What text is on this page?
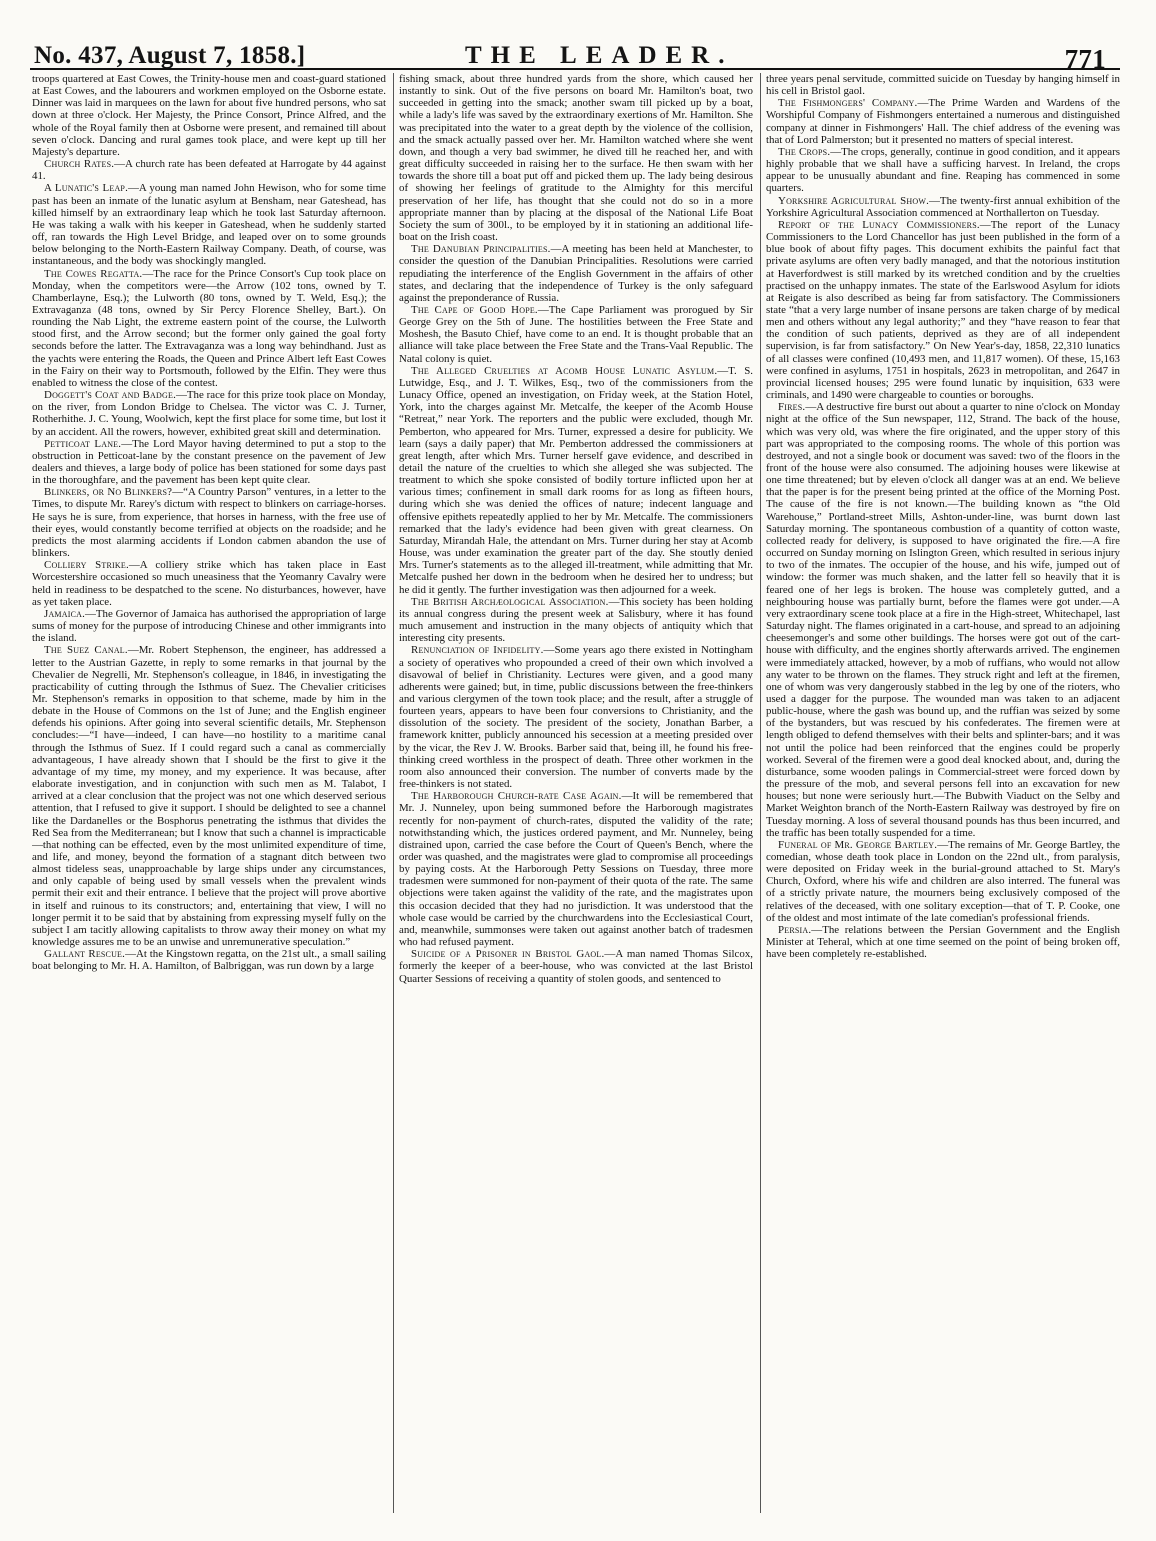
No. 437, August 7, 1858.]	THE LEADER.	771

troops quartered at East Cowes, the Trinity-house men and coast-guard stationed at East Cowes, and the labourers and workmen employed on the Osborne estate. Dinner was laid in marquees on the lawn for about five hundred persons, who sat down at three o'clock. Her Majesty, the Prince Consort, Prince Alfred, and the whole of the Royal family then at Osborne were present, and remained till about seven o'clock. Dancing and rural games took place, and were kept up till her Majesty's departure.

Church Rates.—A church rate has been defeated at Harrogate by 44 against 41.

A Lunatic's Leap.—A young man named John Hewison, who for some time past has been an inmate of the lunatic asylum at Bensham, near Gateshead, has killed himself by an extraordinary leap which he took last Saturday afternoon. He was taking a walk with his keeper in Gateshead, when he suddenly started off, ran towards the High Level Bridge, and leaped over on to some grounds below belonging to the North-Eastern Railway Company. Death, of course, was instantaneous, and the body was shockingly mangled.

The Cowes Regatta.—The race for the Prince Consort's Cup took place on Monday, when the competitors were—the Arrow (102 tons, owned by T. Chamberlayne, Esq.); the Lulworth (80 tons, owned by T. Weld, Esq.); the Extravaganza (48 tons, owned by Sir Percy Florence Shelley, Bart.). On rounding the Nab Light, the extreme eastern point of the course, the Lulworth stood first, and the Arrow second; but the former only gained the goal forty seconds before the latter. The Extravaganza was a long way behindhand. Just as the yachts were entering the Roads, the Queen and Prince Albert left East Cowes in the Fairy on their way to Portsmouth, followed by the Elfin. They were thus enabled to witness the close of the contest.

Doggett's Coat and Badge.—The race for this prize took place on Monday, on the river, from London Bridge to Chelsea. The victor was C. J. Turner, Rotherhithe. J. C. Young, Woolwich, kept the first place for some time, but lost it by an accident. All the rowers, however, exhibited great skill and determination.

Petticoat Lane.—The Lord Mayor having determined to put a stop to the obstruction in Petticoat-lane by the constant presence on the pavement of Jew dealers and thieves, a large body of police has been stationed for some days past in the thoroughfare, and the pavement has been kept quite clear.

Blinkers, or No Blinkers?—“A Country Parson” ventures, in a letter to the Times, to dispute Mr. Rarey's dictum with respect to blinkers on carriage-horses. He says he is sure, from experience, that horses in harness, with the free use of their eyes, would constantly become terrified at objects on the roadside; and he predicts the most alarming accidents if London cabmen abandon the use of blinkers.

Colliery Strike.—A colliery strike which has taken place in East Worcestershire occasioned so much uneasiness that the Yeomanry Cavalry were held in readiness to be despatched to the scene. No disturbances, however, have as yet taken place.

Jamaica.—The Governor of Jamaica has authorised the appropriation of large sums of money for the purpose of introducing Chinese and other immigrants into the island.

The Suez Canal.—Mr. Robert Stephenson, the engineer, has addressed a letter to the Austrian Gazette, in reply to some remarks in that journal by the Chevalier de Negrelli, Mr. Stephenson's colleague, in 1846, in investigating the practicability of cutting through the Isthmus of Suez. The Chevalier criticises Mr. Stephenson's remarks in opposition to that scheme, made by him in the debate in the House of Commons on the 1st of June; and the English engineer defends his opinions. After going into several scientific details, Mr. Stephenson concludes:—“I have—indeed, I can have—no hostility to a maritime canal through the Isthmus of Suez. If I could regard such a canal as commercially advantageous, I have already shown that I should be the first to give it the advantage of my time, my money, and my experience. It was because, after elaborate investigation, and in conjunction with such men as M. Talabot, I arrived at a clear conclusion that the project was not one which deserved serious attention, that I refused to give it support. I should be delighted to see a channel like the Dardanelles or the Bosphorus penetrating the isthmus that divides the Red Sea from the Mediterranean; but I know that such a channel is impracticable—that nothing can be effected, even by the most unlimited expenditure of time, and life, and money, beyond the formation of a stagnant ditch between two almost tideless seas, unapproachable by large ships under any circumstances, and only capable of being used by small vessels when the prevalent winds permit their exit and their entrance. I believe that the project will prove abortive in itself and ruinous to its constructors; and, entertaining that view, I will no longer permit it to be said that by abstaining from expressing myself fully on the subject I am tacitly allowing capitalists to throw away their money on what my knowledge assures me to be an unwise and unremunerative speculation.”

Gallant Rescue.—At the Kingstown regatta, on the 21st ult., a small sailing boat belonging to Mr. H. A. Hamilton, of Balbriggan, was run down by a large

fishing smack, about three hundred yards from the shore, which caused her instantly to sink. Out of the five persons on board Mr. Hamilton's boat, two succeeded in getting into the smack; another swam till picked up by a boat, while a lady's life was saved by the extraordinary exertions of Mr. Hamilton. She was precipitated into the water to a great depth by the violence of the collision, and the smack actually passed over her. Mr. Hamilton watched where she went down, and though a very bad swimmer, he dived till he reached her, and with great difficulty succeeded in raising her to the surface. He then swam with her towards the shore till a boat put off and picked them up. The lady being desirous of showing her feelings of gratitude to the Almighty for this merciful preservation of her life, has thought that she could not do so in a more appropriate manner than by placing at the disposal of the National Life Boat Society the sum of 300l., to be employed by it in stationing an additional life-boat on the Irish coast.

The Danubian Principalities.—A meeting has been held at Manchester, to consider the question of the Danubian Principalities. Resolutions were carried repudiating the interference of the English Government in the affairs of other states, and declaring that the independence of Turkey is the only safeguard against the preponderance of Russia.

The Cape of Good Hope.—The Cape Parliament was prorogued by Sir George Grey on the 5th of June. The hostilities between the Free State and Moshesh, the Basuto Chief, have come to an end. It is thought probable that an alliance will take place between the Free State and the Trans-Vaal Republic. The Natal colony is quiet.

The Alleged Cruelties at Acomb House Lunatic Asylum.—T. S. Lutwidge, Esq., and J. T. Wilkes, Esq., two of the commissioners from the Lunacy Office, opened an investigation, on Friday week, at the Station Hotel, York, into the charges against Mr. Metcalfe, the keeper of the Acomb House “Retreat,” near York. The reporters and the public were excluded, though Mr. Pemberton, who appeared for Mrs. Turner, expressed a desire for publicity. We learn (says a daily paper) that Mr. Pemberton addressed the commissioners at great length, after which Mrs. Turner herself gave evidence, and described in detail the nature of the cruelties to which she alleged she was subjected. The treatment to which she spoke consisted of bodily torture inflicted upon her at various times; confinement in small dark rooms for as long as fifteen hours, during which she was denied the offices of nature; indecent language and offensive epithets repeatedly applied to her by Mr. Metcalfe. The commissioners remarked that the lady's evidence had been given with great clearness. On Saturday, Mirandah Hale, the attendant on Mrs. Turner during her stay at Acomb House, was under examination the greater part of the day. She stoutly denied Mrs. Turner's statements as to the alleged ill-treatment, while admitting that Mr. Metcalfe pushed her down in the bedroom when he desired her to undress; but he did it gently. The further investigation was then adjourned for a week.

The British Archæological Association.—This society has been holding its annual congress during the present week at Salisbury, where it has found much amusement and instruction in the many objects of antiquity which that interesting city presents.

Renunciation of Infidelity.—Some years ago there existed in Nottingham a society of operatives who propounded a creed of their own which involved a disavowal of belief in Christianity. Lectures were given, and a good many adherents were gained; but, in time, public discussions between the free-thinkers and various clergymen of the town took place; and the result, after a struggle of fourteen years, appears to have been four conversions to Christianity, and the dissolution of the society. The president of the society, Jonathan Barber, a framework knitter, publicly announced his secession at a meeting presided over by the vicar, the Rev J. W. Brooks. Barber said that, being ill, he found his free-thinking creed worthless in the prospect of death. Three other workmen in the room also announced their conversion. The number of converts made by the free-thinkers is not stated.

The Harborough Church-rate Case Again.—It will be remembered that Mr. J. Nunneley, upon being summoned before the Harborough magistrates recently for non-payment of church-rates, disputed the validity of the rate; notwithstanding which, the justices ordered payment, and Mr. Nunneley, being distrained upon, carried the case before the Court of Queen's Bench, where the order was quashed, and the magistrates were glad to compromise all proceedings by paying costs. At the Harborough Petty Sessions on Tuesday, three more tradesmen were summoned for non-payment of their quota of the rate. The same objections were taken against the validity of the rate, and the magistrates upon this occasion decided that they had no jurisdiction. It was understood that the whole case would be carried by the churchwardens into the Ecclesiastical Court, and, meanwhile, summonses were taken out against another batch of tradesmen who had refused payment.

Suicide of a Prisoner in Bristol Gaol.—A man named Thomas Silcox, formerly the keeper of a beer-house, who was convicted at the last Bristol Quarter Sessions of receiving a quantity of stolen goods, and sentenced to

three years penal servitude, committed suicide on Tuesday by hanging himself in his cell in Bristol gaol.

The Fishmongers' Company.—The Prime Warden and Wardens of the Worshipful Company of Fishmongers entertained a numerous and distinguished company at dinner in Fishmongers' Hall. The chief address of the evening was that of Lord Palmerston; but it presented no matters of special interest.

The Crops.—The crops, generally, continue in good condition, and it appears highly probable that we shall have a sufficing harvest. In Ireland, the crops appear to be unusually abundant and fine. Reaping has commenced in some quarters.

Yorkshire Agricultural Show.—The twenty-first annual exhibition of the Yorkshire Agricultural Association commenced at Northallerton on Tuesday.

Report of the Lunacy Commissioners.—The report of the Lunacy Commissioners to the Lord Chancellor has just been published in the form of a blue book of about fifty pages. This document exhibits the painful fact that private asylums are often very badly managed, and that the notorious institution at Haverfordwest is still marked by its wretched condition and by the cruelties practised on the unhappy inmates. The state of the Earlswood Asylum for idiots at Reigate is also described as being far from satisfactory. The Commissioners state “that a very large number of insane persons are taken charge of by medical men and others without any legal authority;” and they “have reason to fear that the condition of such patients, deprived as they are of all independent supervision, is far from satisfactory.” On New Year's-day, 1858, 22,310 lunatics of all classes were confined (10,493 men, and 11,817 women). Of these, 15,163 were confined in asylums, 1751 in hospitals, 2623 in metropolitan, and 2647 in provincial licensed houses; 295 were found lunatic by inquisition, 633 were criminals, and 1490 were chargeable to counties or boroughs.

Fires.—A destructive fire burst out about a quarter to nine o'clock on Monday night at the office of the Sun newspaper, 112, Strand. The back of the house, which was very old, was where the fire originated, and the upper story of this part was appropriated to the composing rooms. The whole of this portion was destroyed, and not a single book or document was saved: two of the floors in the front of the house were also consumed. The adjoining houses were likewise at one time threatened; but by eleven o'clock all danger was at an end. We believe that the paper is for the present being printed at the office of the Morning Post. The cause of the fire is not known.—The building known as “the Old Warehouse,” Portland-street Mills, Ashton-under-line, was burnt down last Saturday morning. The spontaneous combustion of a quantity of cotton waste, collected ready for delivery, is supposed to have originated the fire.—A fire occurred on Sunday morning on Islington Green, which resulted in serious injury to two of the inmates. The occupier of the house, and his wife, jumped out of window: the former was much shaken, and the latter fell so heavily that it is feared one of her legs is broken. The house was completely gutted, and a neighbouring house was partially burnt, before the flames were got under.—A very extraordinary scene took place at a fire in the High-street, Whitechapel, last Saturday night. The flames originated in a cart-house, and spread to an adjoining cheesemonger's and some other buildings. The horses were got out of the cart-house with difficulty, and the engines shortly afterwards arrived. The enginemen were immediately attacked, however, by a mob of ruffians, who would not allow any water to be thrown on the flames. They struck right and left at the firemen, one of whom was very dangerously stabbed in the leg by one of the rioters, who used a dagger for the purpose. The wounded man was taken to an adjacent public-house, where the gash was bound up, and the ruffian was seized by some of the bystanders, but was rescued by his confederates. The firemen were at length obliged to defend themselves with their belts and splinter-bars; and it was not until the police had been reinforced that the engines could be properly worked. Several of the firemen were a good deal knocked about, and, during the disturbance, some wooden palings in Commercial-street were forced down by the pressure of the mob, and several persons fell into an excavation for new houses; but none were seriously hurt.—The Bubwith Viaduct on the Selby and Market Weighton branch of the North-Eastern Railway was destroyed by fire on Tuesday morning. A loss of several thousand pounds has thus been incurred, and the traffic has been totally suspended for a time.

Funeral of Mr. George Bartley.—The remains of Mr. George Bartley, the comedian, whose death took place in London on the 22nd ult., from paralysis, were deposited on Friday week in the burial-ground attached to St. Mary's Church, Oxford, where his wife and children are also interred. The funeral was of a strictly private nature, the mourners being exclusively composed of the relatives of the deceased, with one solitary exception—that of T. P. Cooke, one of the oldest and most intimate of the late comedian's professional friends.

Persia.—The relations between the Persian Government and the English Minister at Teheral, which at one time seemed on the point of being broken off, have been completely re-established.
